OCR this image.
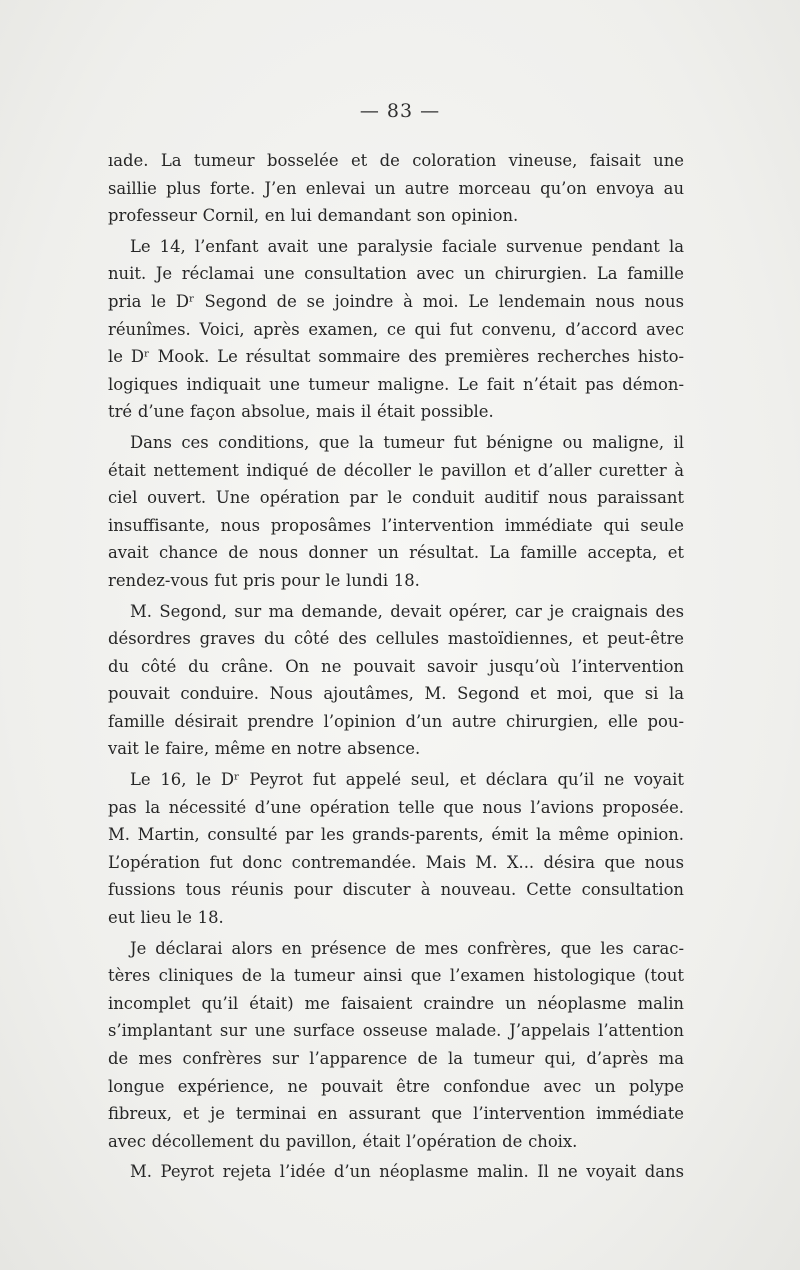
— 83 —
ıade. La tumeur bosselée et de coloration vineuse, faisait une
saillie plus forte. J’en enlevai un autre morceau qu’on envoya au
professeur Cornil, en lui demandant son opinion.
Le 14, l’enfant avait une paralysie faciale survenue pendant la
nuit. Je réclamai une consultation avec un chirurgien. La famille
pria le Dʳ Segond de se joindre à moi. Le lendemain nous nous
réunîmes. Voici, après examen, ce qui fut convenu, d’accord avec
le Dʳ Mook. Le résultat sommaire des premières recherches histo-
logiques indiquait une tumeur maligne. Le fait n’était pas démon-
tré d’une façon absolue, mais il était possible.
Dans ces conditions, que la tumeur fut bénigne ou maligne, il
était nettement indiqué de décoller le pavillon et d’aller curetter à
ciel ouvert. Une opération par le conduit auditif nous paraissant
insuffisante, nous proposâmes l’intervention immédiate qui seule
avait chance de nous donner un résultat. La famille accepta, et
rendez-vous fut pris pour le lundi 18.
M. Segond, sur ma demande, devait opérer, car je craignais des
désordres graves du côté des cellules mastoïdiennes, et peut-être
du côté du crâne. On ne pouvait savoir jusqu’où l’intervention
pouvait conduire. Nous ajoutâmes, M. Segond et moi, que si la
famille désirait prendre l’opinion d’un autre chirurgien, elle pou-
vait le faire, même en notre absence.
Le 16, le Dʳ Peyrot fut appelé seul, et déclara qu’il ne voyait
pas la nécessité d’une opération telle que nous l’avions proposée.
M. Martin, consulté par les grands-parents, émit la même opinion.
L’opération fut donc contremandée. Mais M. X... désira que nous
fussions tous réunis pour discuter à nouveau. Cette consultation
eut lieu le 18.
Je déclarai alors en présence de mes confrères, que les carac-
tères cliniques de la tumeur ainsi que l’examen histologique (tout
incomplet qu’il était) me faisaient craindre un néoplasme malin
s’implantant sur une surface osseuse malade. J’appelais l’attention
de mes confrères sur l’apparence de la tumeur qui, d’après ma
longue expérience, ne pouvait être confondue avec un polype
fibreux, et je terminai en assurant que l’intervention immédiate
avec décollement du pavillon, était l’opération de choix.
M. Peyrot rejeta l’idée d’un néoplasme malin. Il ne voyait dans
